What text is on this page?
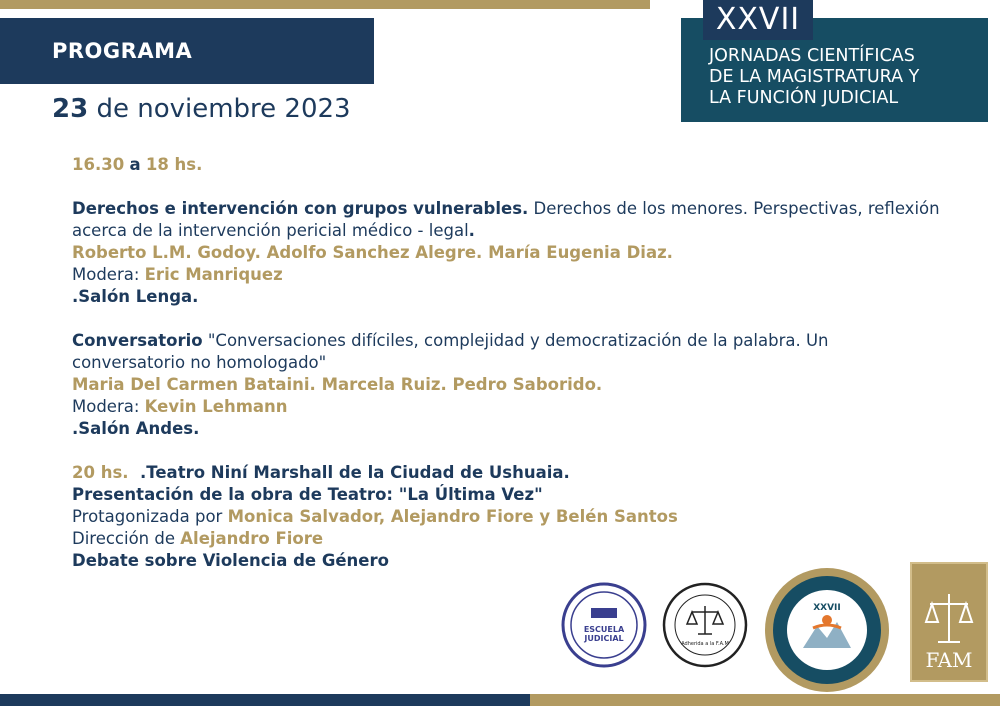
PROGRAMA
23 de noviembre 2023
XXVII
JORNADAS CIENTÍFICAS
DE LA MAGISTRATURA Y
LA FUNCIÓN JUDICIAL

16.30 a 18 hs.

Derechos e intervención con grupos vulnerables. Derechos de los menores. Perspectivas, reflexión acerca de la intervención pericial médico - legal.

Roberto L.M. Godoy. Adolfo Sanchez Alegre. María Eugenia Diaz.

Modera: Eric Manriquez

.Salón Lenga.

Conversatorio "Conversaciones difíciles, complejidad y democratización de la palabra. Un conversatorio no homologado"

Maria Del Carmen Bataini. Marcela Ruiz. Pedro Saborido.

Modera: Kevin Lehmann

.Salón Andes.

20 hs.  .Teatro Niní Marshall de la Ciudad de Ushuaia.

Presentación de la obra de Teatro: "La Última Vez"

Protagonizada por Monica Salvador, Alejandro Fiore y Belén Santos

Dirección de Alejandro Fiore

Debate sobre Violencia de Género

ESCUELA
JUDICIAL
Adherida a la F.A.M
XXVII
FAM
